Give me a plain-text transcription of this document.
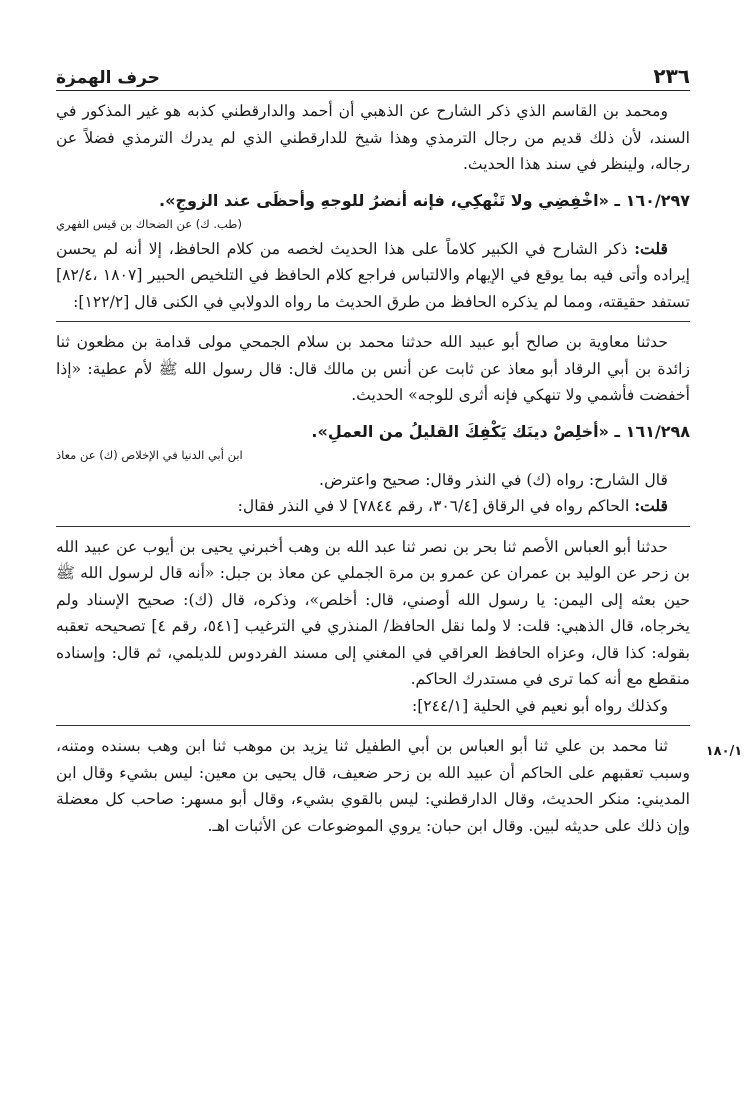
حرف الهمزة	٢٣٦
١٨٠/١

ومحمد بن القاسم الذي ذكر الشارح عن الذهبي أن أحمد والدارقطني كذبه هو غير المذكور في السند، لأن ذلك قديم من رجال الترمذي وهذا شيخ للدارقطني الذي لم يدرك الترمذي فضلاً عن رجاله، ولينظر في سند هذا الحديث.

١٦٠/٢٩٧ ـ «اخْفِضِي ولا تَنْهكِي، فإنه أنضرُ للوجهِ وأحظَى عند الزوجِ».

(طب. ك) عن الضحاك بن قيس الفهري

قلت: ذكر الشارح في الكبير كلاماً على هذا الحديث لخصه من كلام الحافظ، إلا أنه لم يحسن إيراده وأتى فيه بما يوقع في الإيهام والالتباس فراجع كلام الحافظ في التلخيص الحبير [١٨٠٧ ،٨٢/٤] تستفد حقيقته، ومما لم يذكره الحافظ من طرق الحديث ما رواه الدولابي في الكنى قال [١٢٢/٢]:

حدثنا معاوية بن صالح أبو عبيد الله حدثنا محمد بن سلام الجمحي مولى قدامة بن مظعون ثنا زائدة بن أبي الرقاد أبو معاذ عن ثابت عن أنس بن مالك قال: قال رسول الله ﷺ لأم عطية: «إذا أخفضت فأشمي ولا تنهكي فإنه أثرى للوجه» الحديث.

١٦١/٢٩٨ ـ «أخلِصْ دينَك يَكْفِكَ القليلُ من العملِ».

ابن أبي الدنيا في الإخلاص (ك) عن معاذ

قال الشارح: رواه (ك) في النذر وقال: صحيح واعترض.

قلت: الحاكم رواه في الرقاق [٣٠٦/٤، رقم ٧٨٤٤] لا في النذر فقال:

حدثنا أبو العباس الأصم ثنا بحر بن نصر ثنا عبد الله بن وهب أخبرني يحيى بن أيوب عن عبيد الله بن زحر عن الوليد بن عمران عن عمرو بن مرة الجملي عن معاذ بن جبل: «أنه قال لرسول الله ﷺ حين بعثه إلى اليمن: يا رسول الله أوصني، قال: أخلص»، وذكره، قال (ك): صحيح الإسناد ولم يخرجاه، قال الذهبي: قلت: لا ولما نقل الحافظ/ المنذري في الترغيب [٥٤١، رقم ٤] تصحيحه تعقبه بقوله: كذا قال، وعزاه الحافظ العراقي في المغني إلى مسند الفردوس للديلمي، ثم قال: وإسناده منقطع مع أنه كما ترى في مستدرك الحاكم.

وكذلك رواه أبو نعيم في الحلية [٢٤٤/١]:

ثنا محمد بن علي ثنا أبو العباس بن أبي الطفيل ثنا يزيد بن موهب ثنا ابن وهب بسنده ومتنه، وسبب تعقبهم على الحاكم أن عبيد الله بن زحر ضعيف، قال يحيى بن معين: ليس بشيء وقال ابن المديني: منكر الحديث، وقال الدارقطني: ليس بالقوي بشيء، وقال أبو مسهر: صاحب كل معضلة وإن ذلك على حديثه لبين. وقال ابن حبان: يروي الموضوعات عن الأثبات اهـ.
